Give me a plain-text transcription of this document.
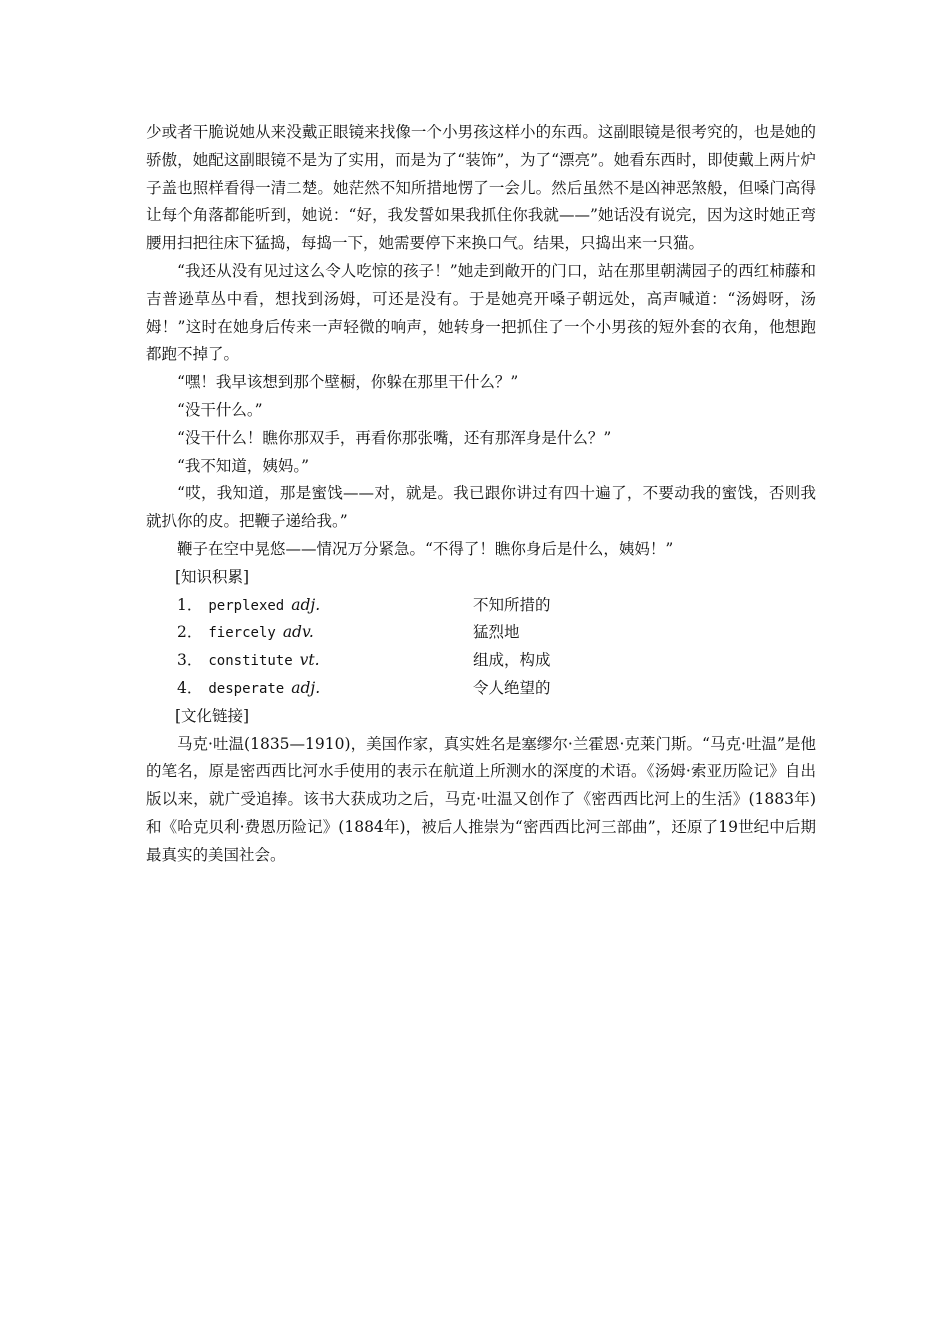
少或者干脆说她从来没戴正眼镜来找像一个小男孩这样小的东西。这副眼镜是很考究的，也是她的骄傲，她配这副眼镜不是为了实用，而是为了“装饰”，为了“漂亮”。她看东西时，即使戴上两片炉子盖也照样看得一清二楚。她茫然不知所措地愣了一会儿。然后虽然不是凶神恶煞般，但嗓门高得让每个角落都能听到，她说：“好，我发誓如果我抓住你我就——”她话没有说完，因为这时她正弯腰用扫把往床下猛捣，每捣一下，她需要停下来换口气。结果，只捣出来一只猫。

“我还从没有见过这么令人吃惊的孩子！”她走到敞开的门口，站在那里朝满园子的西红柿藤和吉普逊草丛中看，想找到汤姆，可还是没有。于是她亮开嗓子朝远处，高声喊道：“汤姆呀，汤姆！”这时在她身后传来一声轻微的响声，她转身一把抓住了一个小男孩的短外套的衣角，他想跑都跑不掉了。

“嘿！我早该想到那个壁橱，你躲在那里干什么？”

“没干什么。”

“没干什么！瞧你那双手，再看你那张嘴，还有那浑身是什么？”

“我不知道，姨妈。”

“哎，我知道，那是蜜饯——对，就是。我已跟你讲过有四十遍了，不要动我的蜜饯，否则我就扒你的皮。把鞭子递给我。”

鞭子在空中晃悠——情况万分紧急。“不得了！瞧你身后是什么，姨妈！”

[知识积累]

1． perplexed adj.	不知所措的
2． fiercely adv.	猛烈地
3． constitute vt.	组成，构成
4． desperate adj.	令人绝望的

[文化链接]

马克·吐温(1835—1910)，美国作家，真实姓名是塞缪尔·兰霍恩·克莱门斯。“马克·吐温”是他的笔名，原是密西西比河水手使用的表示在航道上所测水的深度的术语。《汤姆·索亚历险记》自出版以来，就广受追捧。该书大获成功之后，马克·吐温又创作了《密西西比河上的生活》(1883年)和《哈克贝利·费恩历险记》(1884年)，被后人推崇为“密西西比河三部曲”，还原了19世纪中后期最真实的美国社会。
